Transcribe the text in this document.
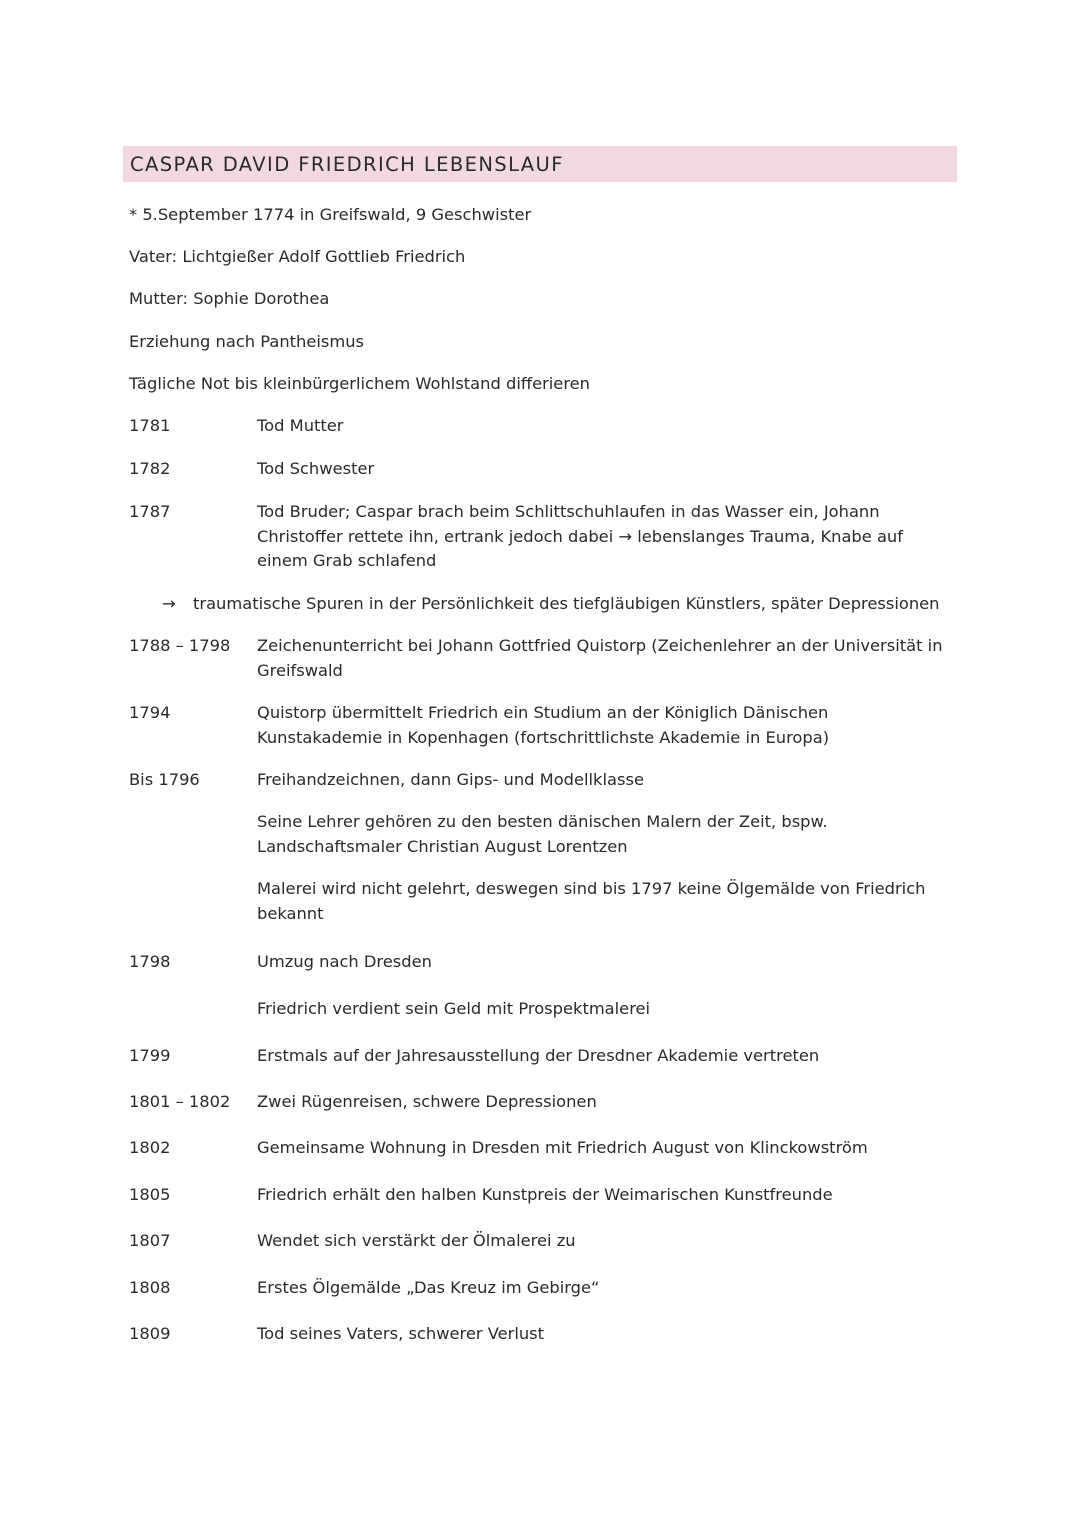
CASPAR DAVID FRIEDRICH LEBENSLAUF
* 5.September 1774 in Greifswald, 9 Geschwister
Vater: Lichtgießer Adolf Gottlieb Friedrich
Mutter: Sophie Dorothea
Erziehung nach Pantheismus
Tägliche Not bis kleinbürgerlichem Wohlstand differieren
1781	Tod Mutter
1782	Tod Schwester
1787	Tod Bruder; Caspar brach beim Schlittschuhlaufen in das Wasser ein, Johann Christoffer rettete ihn, ertrank jedoch dabei → lebenslanges Trauma, Knabe auf einem Grab schlafend
→ traumatische Spuren in der Persönlichkeit des tiefgläubigen Künstlers, später Depressionen
1788 – 1798 Zeichenunterricht bei Johann Gottfried Quistorp (Zeichenlehrer an der Universität in Greifswald
1794	Quistorp übermittelt Friedrich ein Studium an der Königlich Dänischen Kunstakademie in Kopenhagen (fortschrittlichste Akademie in Europa)
Bis 1796	Freihandzeichnen, dann Gips- und Modellklasse
Seine Lehrer gehören zu den besten dänischen Malern der Zeit, bspw. Landschaftsmaler Christian August Lorentzen
Malerei wird nicht gelehrt, deswegen sind bis 1797 keine Ölgemälde von Friedrich bekannt
1798	Umzug nach Dresden
Friedrich verdient sein Geld mit Prospektmalerei
1799	Erstmals auf der Jahresausstellung der Dresdner Akademie vertreten
1801 – 1802 Zwei Rügenreisen, schwere Depressionen
1802	Gemeinsame Wohnung in Dresden mit Friedrich August von Klinckowström
1805	Friedrich erhält den halben Kunstpreis der Weimarischen Kunstfreunde
1807	Wendet sich verstärkt der Ölmalerei zu
1808	Erstes Ölgemälde „Das Kreuz im Gebirge“
1809	Tod seines Vaters, schwerer Verlust
